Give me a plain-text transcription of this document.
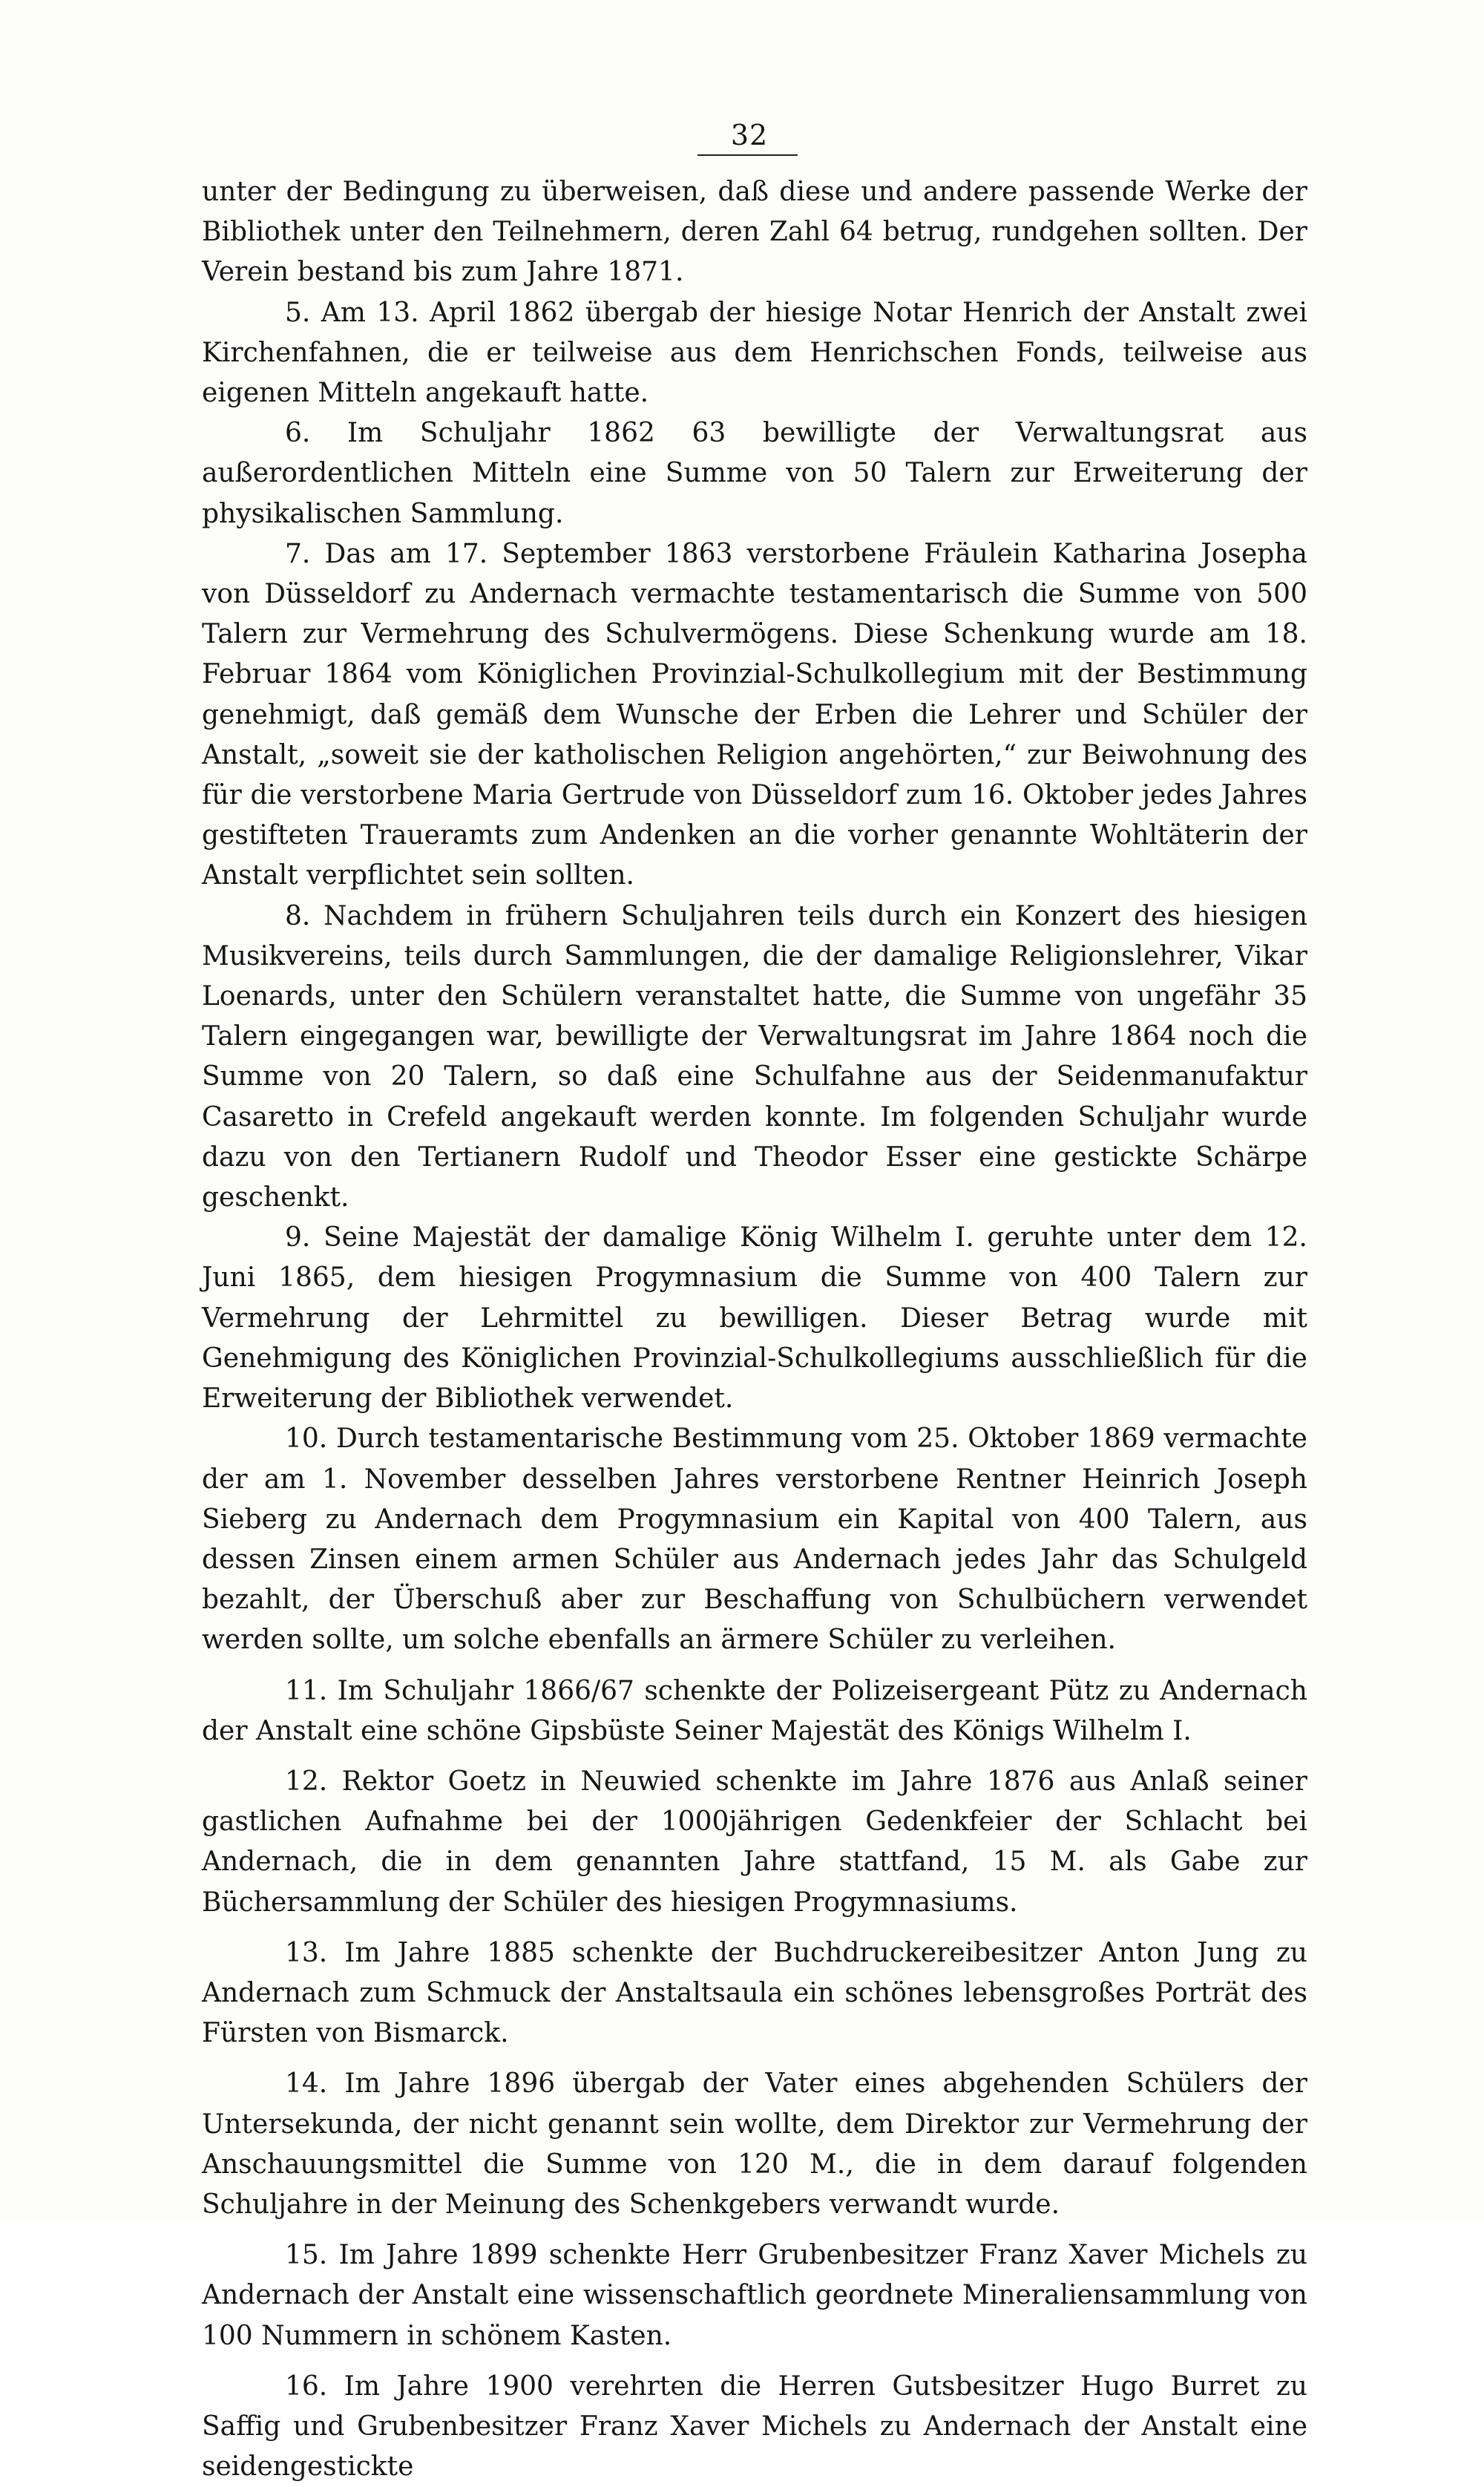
32

unter der Bedingung zu überweisen, daß diese und andere passende Werke der Bibliothek unter den Teilnehmern, deren Zahl 64 betrug, rundgehen sollten. Der Verein bestand bis zum Jahre 1871.

5. Am 13. April 1862 übergab der hiesige Notar Henrich der Anstalt zwei Kirchenfahnen, die er teilweise aus dem Henrichschen Fonds, teilweise aus eigenen Mitteln angekauft hatte.

6. Im Schuljahr 1862 63 bewilligte der Verwaltungsrat aus außerordentlichen Mitteln eine Summe von 50 Talern zur Erweiterung der physikalischen Sammlung.

7. Das am 17. September 1863 verstorbene Fräulein Katharina Josepha von Düsseldorf zu Andernach vermachte testamentarisch die Summe von 500 Talern zur Vermehrung des Schulvermögens. Diese Schenkung wurde am 18. Februar 1864 vom Königlichen Provinzial-Schulkollegium mit der Bestimmung genehmigt, daß gemäß dem Wunsche der Erben die Lehrer und Schüler der Anstalt, „soweit sie der katholischen Religion angehörten,“ zur Beiwohnung des für die verstorbene Maria Gertrude von Düsseldorf zum 16. Oktober jedes Jahres gestifteten Traueramts zum Andenken an die vorher genannte Wohltäterin der Anstalt verpflichtet sein sollten.

8. Nachdem in frühern Schuljahren teils durch ein Konzert des hiesigen Musikvereins, teils durch Sammlungen, die der damalige Religionslehrer, Vikar Loenards, unter den Schülern veranstaltet hatte, die Summe von ungefähr 35 Talern eingegangen war, bewilligte der Verwaltungsrat im Jahre 1864 noch die Summe von 20 Talern, so daß eine Schulfahne aus der Seidenmanufaktur Casaretto in Crefeld angekauft werden konnte. Im folgenden Schuljahr wurde dazu von den Tertianern Rudolf und Theodor Esser eine gestickte Schärpe geschenkt.

9. Seine Majestät der damalige König Wilhelm I. geruhte unter dem 12. Juni 1865, dem hiesigen Progymnasium die Summe von 400 Talern zur Vermehrung der Lehrmittel zu bewilligen. Dieser Betrag wurde mit Genehmigung des Königlichen Provinzial-Schulkollegiums ausschließlich für die Erweiterung der Bibliothek verwendet.

10. Durch testamentarische Bestimmung vom 25. Oktober 1869 vermachte der am 1. November desselben Jahres verstorbene Rentner Heinrich Joseph Sieberg zu Andernach dem Progymnasium ein Kapital von 400 Talern, aus dessen Zinsen einem armen Schüler aus Andernach jedes Jahr das Schulgeld bezahlt, der Überschuß aber zur Beschaffung von Schulbüchern verwendet werden sollte, um solche ebenfalls an ärmere Schüler zu verleihen.

11. Im Schuljahr 1866/67 schenkte der Polizeisergeant Pütz zu Andernach der Anstalt eine schöne Gipsbüste Seiner Majestät des Königs Wilhelm I.

12. Rektor Goetz in Neuwied schenkte im Jahre 1876 aus Anlaß seiner gastlichen Aufnahme bei der 1000jährigen Gedenkfeier der Schlacht bei Andernach, die in dem genannten Jahre stattfand, 15 M. als Gabe zur Büchersammlung der Schüler des hiesigen Progymnasiums.

13. Im Jahre 1885 schenkte der Buchdruckereibesitzer Anton Jung zu Andernach zum Schmuck der Anstaltsaula ein schönes lebensgroßes Porträt des Fürsten von Bismarck.

14. Im Jahre 1896 übergab der Vater eines abgehenden Schülers der Untersekunda, der nicht genannt sein wollte, dem Direktor zur Vermehrung der Anschauungsmittel die Summe von 120 M., die in dem darauf folgenden Schuljahre in der Meinung des Schenkgebers verwandt wurde.

15. Im Jahre 1899 schenkte Herr Grubenbesitzer Franz Xaver Michels zu Andernach der Anstalt eine wissenschaftlich geordnete Mineraliensammlung von 100 Nummern in schönem Kasten.

16. Im Jahre 1900 verehrten die Herren Gutsbesitzer Hugo Burret zu Saffig und Grubenbesitzer Franz Xaver Michels zu Andernach der Anstalt eine seidengestickte
